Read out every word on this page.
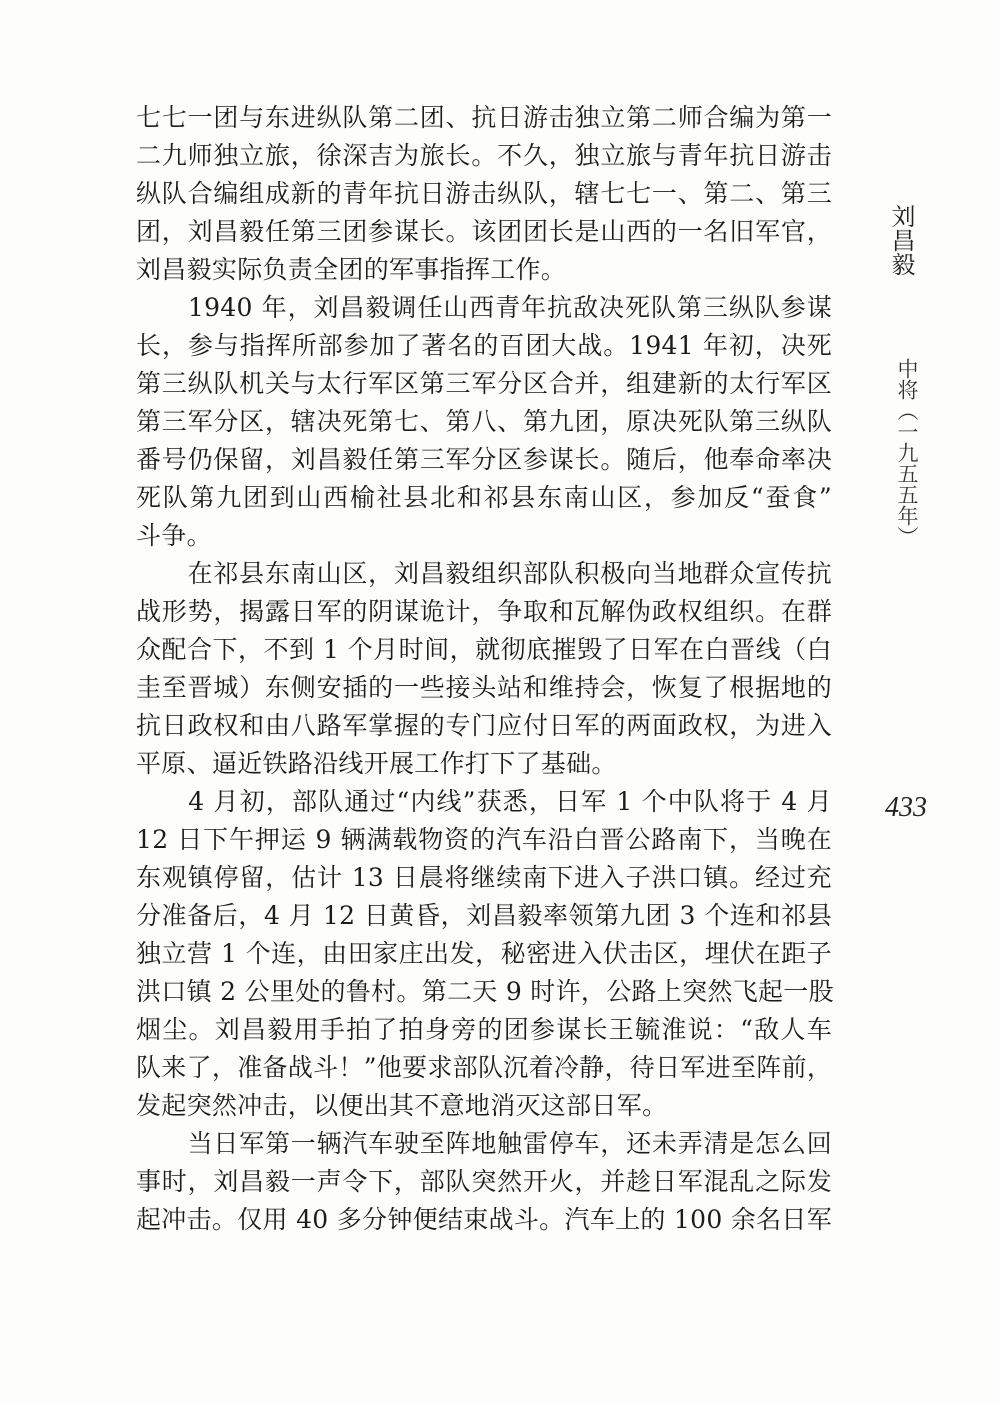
七七一团与东进纵队第二团、抗日游击独立第二师合编为第一
二九师独立旅，徐深吉为旅长。不久，独立旅与青年抗日游击
纵队合编组成新的青年抗日游击纵队，辖七七一、第二、第三
团，刘昌毅任第三团参谋长。该团团长是山西的一名旧军官，
刘昌毅实际负责全团的军事指挥工作。
　　1940 年，刘昌毅调任山西青年抗敌决死队第三纵队参谋
长，参与指挥所部参加了著名的百团大战。1941 年初，决死
第三纵队机关与太行军区第三军分区合并，组建新的太行军区
第三军分区，辖决死第七、第八、第九团，原决死队第三纵队
番号仍保留，刘昌毅任第三军分区参谋长。随后，他奉命率决
死队第九团到山西榆社县北和祁县东南山区，参加反“蚕食”
斗争。
　　在祁县东南山区，刘昌毅组织部队积极向当地群众宣传抗
战形势，揭露日军的阴谋诡计，争取和瓦解伪政权组织。在群
众配合下，不到 1 个月时间，就彻底摧毁了日军在白晋线（白
圭至晋城）东侧安插的一些接头站和维持会，恢复了根据地的
抗日政权和由八路军掌握的专门应付日军的两面政权，为进入
平原、逼近铁路沿线开展工作打下了基础。
　　4 月初，部队通过“内线”获悉，日军 1 个中队将于 4 月
12 日下午押运 9 辆满载物资的汽车沿白晋公路南下，当晚在
东观镇停留，估计 13 日晨将继续南下进入子洪口镇。经过充
分准备后，4 月 12 日黄昏，刘昌毅率领第九团 3 个连和祁县
独立营 1 个连，由田家庄出发，秘密进入伏击区，埋伏在距子
洪口镇 2 公里处的鲁村。第二天 9 时许，公路上突然飞起一股
烟尘。刘昌毅用手拍了拍身旁的团参谋长王毓淮说：“敌人车
队来了，准备战斗！”他要求部队沉着冷静，待日军进至阵前，
发起突然冲击，以便出其不意地消灭这部日军。
　　当日军第一辆汽车驶至阵地触雷停车，还未弄清是怎么回
事时，刘昌毅一声令下，部队突然开火，并趁日军混乱之际发
起冲击。仅用 40 多分钟便结束战斗。汽车上的 100 余名日军
刘昌毅
中将（一九五五年）
433
